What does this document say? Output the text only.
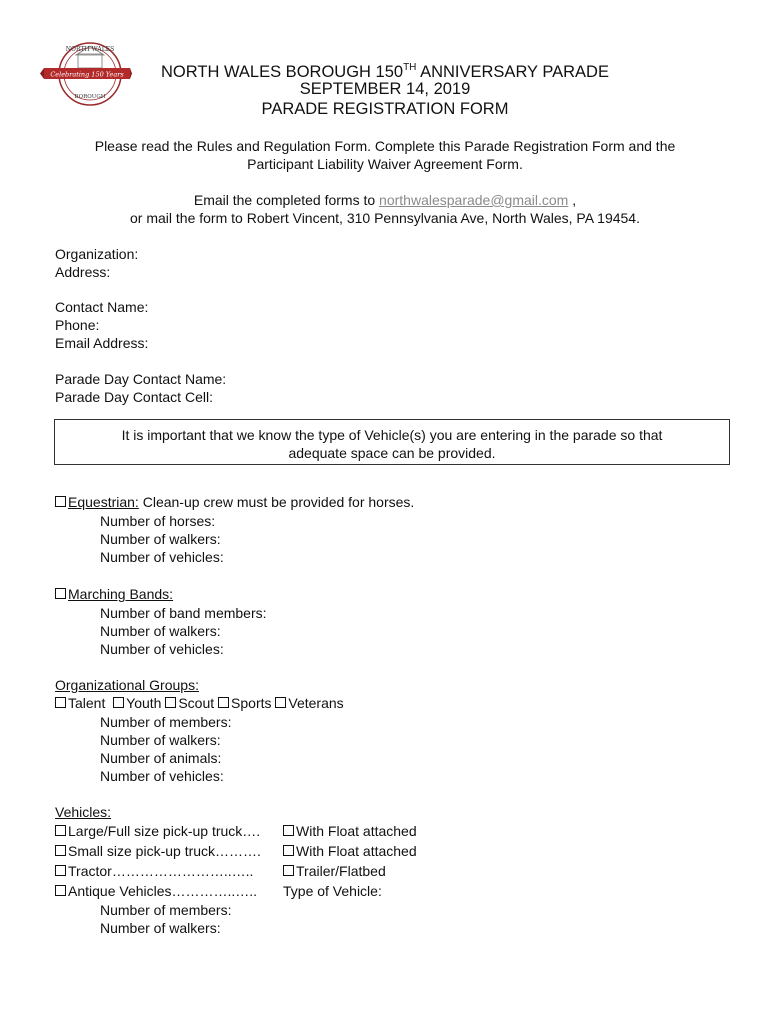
Celebrating 150 Years
NORTH WALES
BOROUGH
NORTH WALES BOROUGH 150TH ANNIVERSARY PARADE
SEPTEMBER 14, 2019
PARADE REGISTRATION FORM
Please read the Rules and Regulation Form. Complete this Parade Registration Form and the
Participant Liability Waiver Agreement Form.
Email the completed forms to northwalesparade@gmail.com ,
or mail the form to Robert Vincent, 310 Pennsylvania Ave, North Wales, PA 19454.
Organization:
Address:
Contact Name:
Phone:
Email Address:
Parade Day Contact Name:
Parade Day Contact Cell:
It is important that we know the type of Vehicle(s) you are entering in the parade so that
adequate space can be provided.
Equestrian: Clean-up crew must be provided for horses.
Number of horses:
Number of walkers:
Number of vehicles:
Marching Bands:
Number of band members:
Number of walkers:
Number of vehicles:
Organizational Groups:
Talent Youth Scout Sports Veterans
Number of members:
Number of walkers:
Number of animals:
Number of vehicles:
Vehicles:
Large/Full size pick-up truck….	With Float attached
Small size pick-up truck……….	With Float attached
Tractor……………………..…..	Trailer/Flatbed
Antique Vehicles…………..….. Type of Vehicle:
Number of members:
Number of walkers:
